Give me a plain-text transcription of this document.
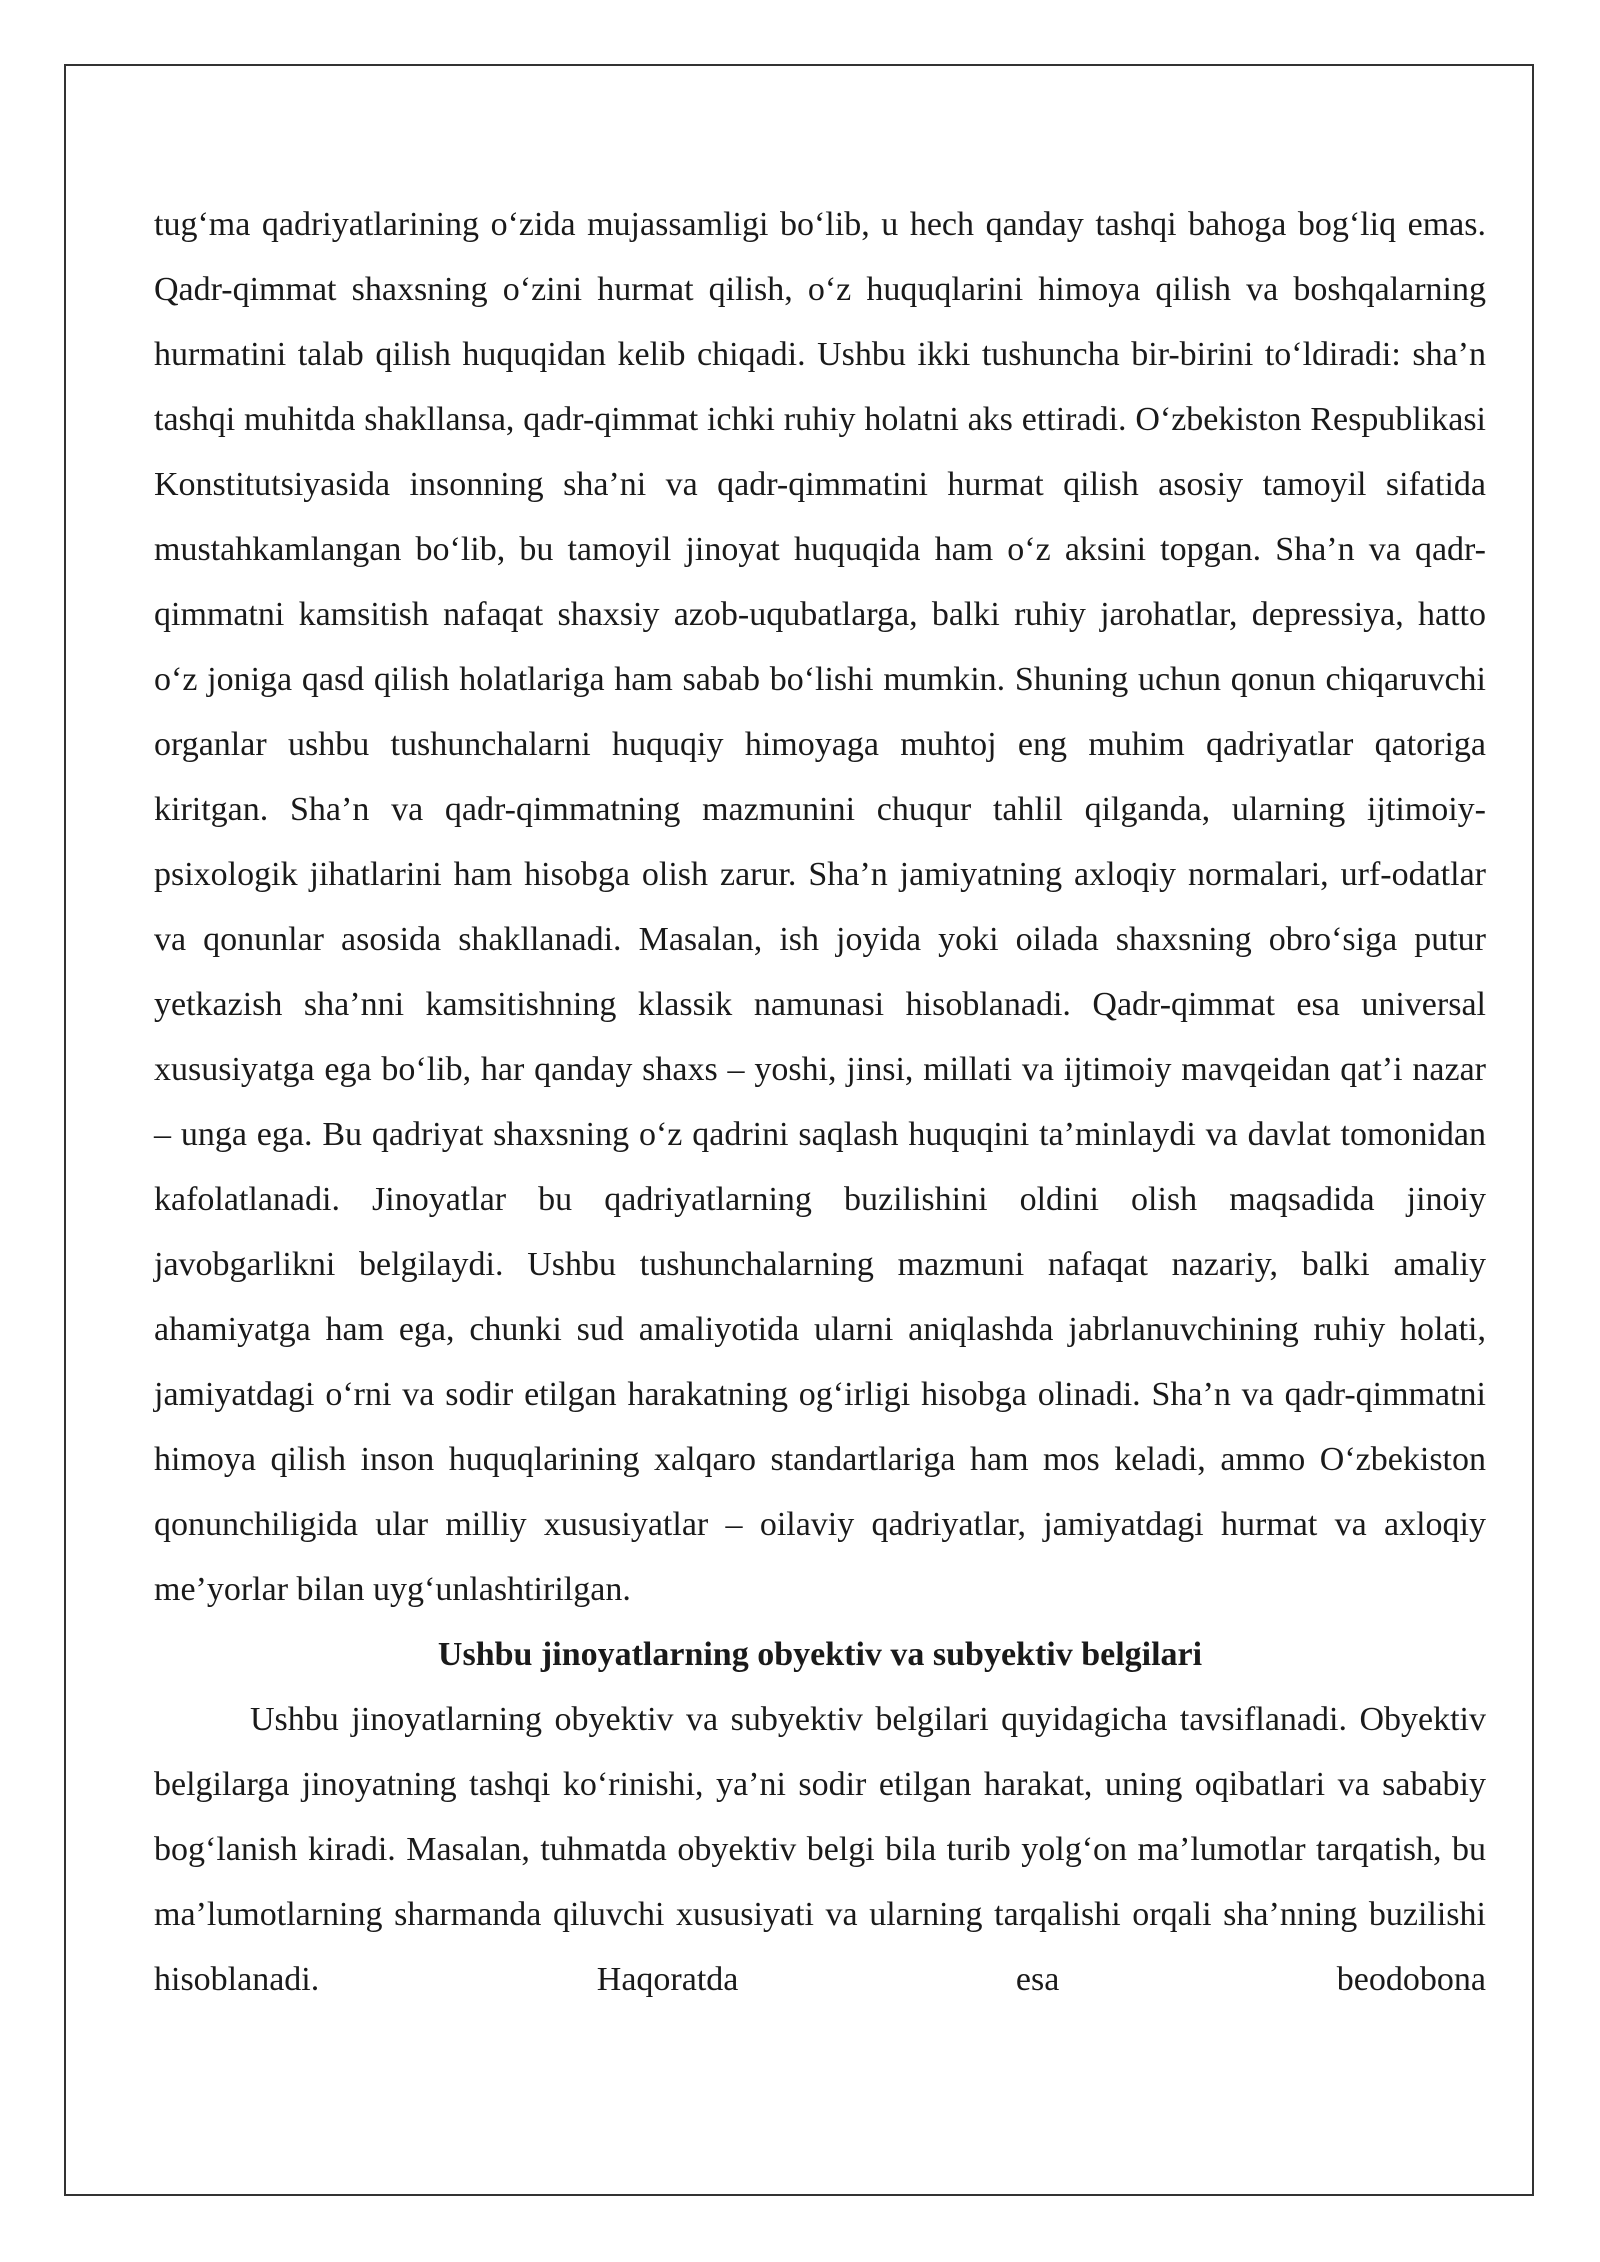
tug‘ma qadriyatlarining o‘zida mujassamligi bo‘lib, u hech qanday tashqi bahoga bog‘liq emas. Qadr-qimmat shaxsning o‘zini hurmat qilish, o‘z huquqlarini himoya qilish va boshqalarning hurmatini talab qilish huquqidan kelib chiqadi. Ushbu ikki tushuncha bir-birini to‘ldiradi: sha’n tashqi muhitda shakllansa, qadr-qimmat ichki ruhiy holatni aks ettiradi. O‘zbekiston Respublikasi Konstitutsiyasida insonning sha’ni va qadr-qimmatini hurmat qilish asosiy tamoyil sifatida mustahkamlangan bo‘lib, bu tamoyil jinoyat huquqida ham o‘z aksini topgan. Sha’n va qadr-qimmatni kamsitish nafaqat shaxsiy azob-uqubatlarga, balki ruhiy jarohatlar, depressiya, hatto o‘z joniga qasd qilish holatlariga ham sabab bo‘lishi mumkin. Shuning uchun qonun chiqaruvchi organlar ushbu tushunchalarni huquqiy himoyaga muhtoj eng muhim qadriyatlar qatoriga kiritgan. Sha’n va qadr-qimmatning mazmunini chuqur tahlil qilganda, ularning ijtimoiy-psixologik jihatlarini ham hisobga olish zarur. Sha’n jamiyatning axloqiy normalari, urf-odatlar va qonunlar asosida shakllanadi. Masalan, ish joyida yoki oilada shaxsning obro‘siga putur yetkazish sha’nni kamsitishning klassik namunasi hisoblanadi. Qadr-qimmat esa universal xususiyatga ega bo‘lib, har qanday shaxs – yoshi, jinsi, millati va ijtimoiy mavqeidan qat’i nazar – unga ega. Bu qadriyat shaxsning o‘z qadrini saqlash huquqini ta’minlaydi va davlat tomonidan kafolatlanadi. Jinoyatlar bu qadriyatlarning buzilishini oldini olish maqsadida jinoiy javobgarlikni belgilaydi. Ushbu tushunchalarning mazmuni nafaqat nazariy, balki amaliy ahamiyatga ham ega, chunki sud amaliyotida ularni aniqlashda jabrlanuvchining ruhiy holati, jamiyatdagi o‘rni va sodir etilgan harakatning og‘irligi hisobga olinadi. Sha’n va qadr-qimmatni himoya qilish inson huquqlarining xalqaro standartlariga ham mos keladi, ammo O‘zbekiston qonunchiligida ular milliy xususiyatlar – oilaviy qadriyatlar, jamiyatdagi hurmat va axloqiy me’yorlar bilan uyg‘unlashtirilgan.

Ushbu jinoyatlarning obyektiv va subyektiv belgilari

Ushbu jinoyatlarning obyektiv va subyektiv belgilari quyidagicha tavsiflanadi. Obyektiv belgilarga jinoyatning tashqi ko‘rinishi, ya’ni sodir etilgan harakat, uning oqibatlari va sababiy bog‘lanish kiradi. Masalan, tuhmatda obyektiv belgi bila turib yolg‘on ma’lumotlar tarqatish, bu ma’lumotlarning sharmanda qiluvchi xususiyati va ularning tarqalishi orqali sha’nning buzilishi hisoblanadi. Haqoratda esa beodobona
